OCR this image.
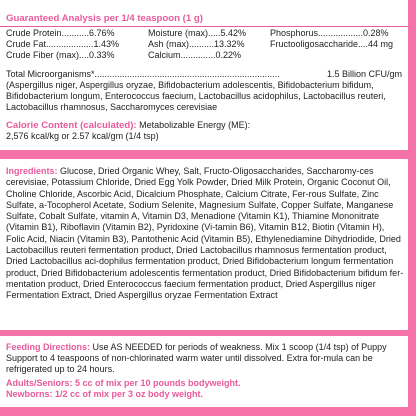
Guaranteed Analysis per 1/4 teaspoon (1 g)
Crude Protein...........6.76%	Moisture (max).....5.42%	Phosphorus..................0.28%
Crude Fat...................1.43%	Ash (max)..........13.32%	Fructooligosaccharide....44 mg
Crude Fiber (max)....0.33%	Calcium..............0.22%
Total Microorganisms* ..........................................................................	1.5 Billion CFU/gm
(Aspergillus niger, Aspergillus oryzae, Bifidobacterium adolescentis, Bifidobacterium bifidum, Bifidobacterium longum, Enterococcus faecium, Lactobacillus acidophilus, Lactobacillus reuteri, Lactobacillus rhamnosus, Saccharomyces cerevisiae
Calorie Content (calculated): Metabolizable Energy (ME):
2,576 kcal/kg or 2.57 kcal/gm (1/4 tsp)
Ingredients: Glucose, Dried Organic Whey, Salt, Fructo-Oligosaccharides, Saccharomy-ces cerevisiae, Potassium Chloride, Dried Egg Yolk Powder, Dried Milk Protein, Organic Coconut Oil, Choline Chloride, Ascorbic Acid, Dicalcium Phosphate, Calcium Citrate, Fer-rous Sulfate, Zinc Sulfate, a-Tocopherol Acetate, Sodium Selenite, Magnesium Sulfate, Copper Sulfate, Manganese Sulfate, Cobalt Sulfate, vitamin A, Vitamin D3, Menadione (Vitamin K1), Thiamine Mononitrate (Vitamin B1), Riboflavin (Vitamin B2), Pyridoxine (Vi-tamin B6), Vitamin B12, Biotin (Vitamin H), Folic Acid, Niacin (Vitamin B3), Pantothenic Acid (Vitamin B5), Ethylenediamine Dihydriodide, Dried Lactobacillus reuteri fermentation product, Dried Lactobacillus rhamnosus fermentation product, Dried Lactobacillus aci-dophilus fermentation product, Dried Bifidobacterium longum fermentation product, Dried Bifidobacterium adolescentis fermentation product, Dried Bifidobacterium bifidum fer-mentation product, Dried Enterococcus faecium fermentation product, Dried Aspergillus niger Fermentation Extract, Dried Aspergillus oryzae Fermentation Extract
Feeding Directions: Use AS NEEDED for periods of weakness. Mix 1 scoop (1/4 tsp) of Puppy Support to 4 teaspoons of non-chlorinated warm water until dissolved. Extra for-mula can be refrigerated up to 24 hours.
Adults/Seniors: 5 cc of mix per 10 pounds bodyweight.
Newborns: 1/2 cc of mix per 3 oz body weight.
